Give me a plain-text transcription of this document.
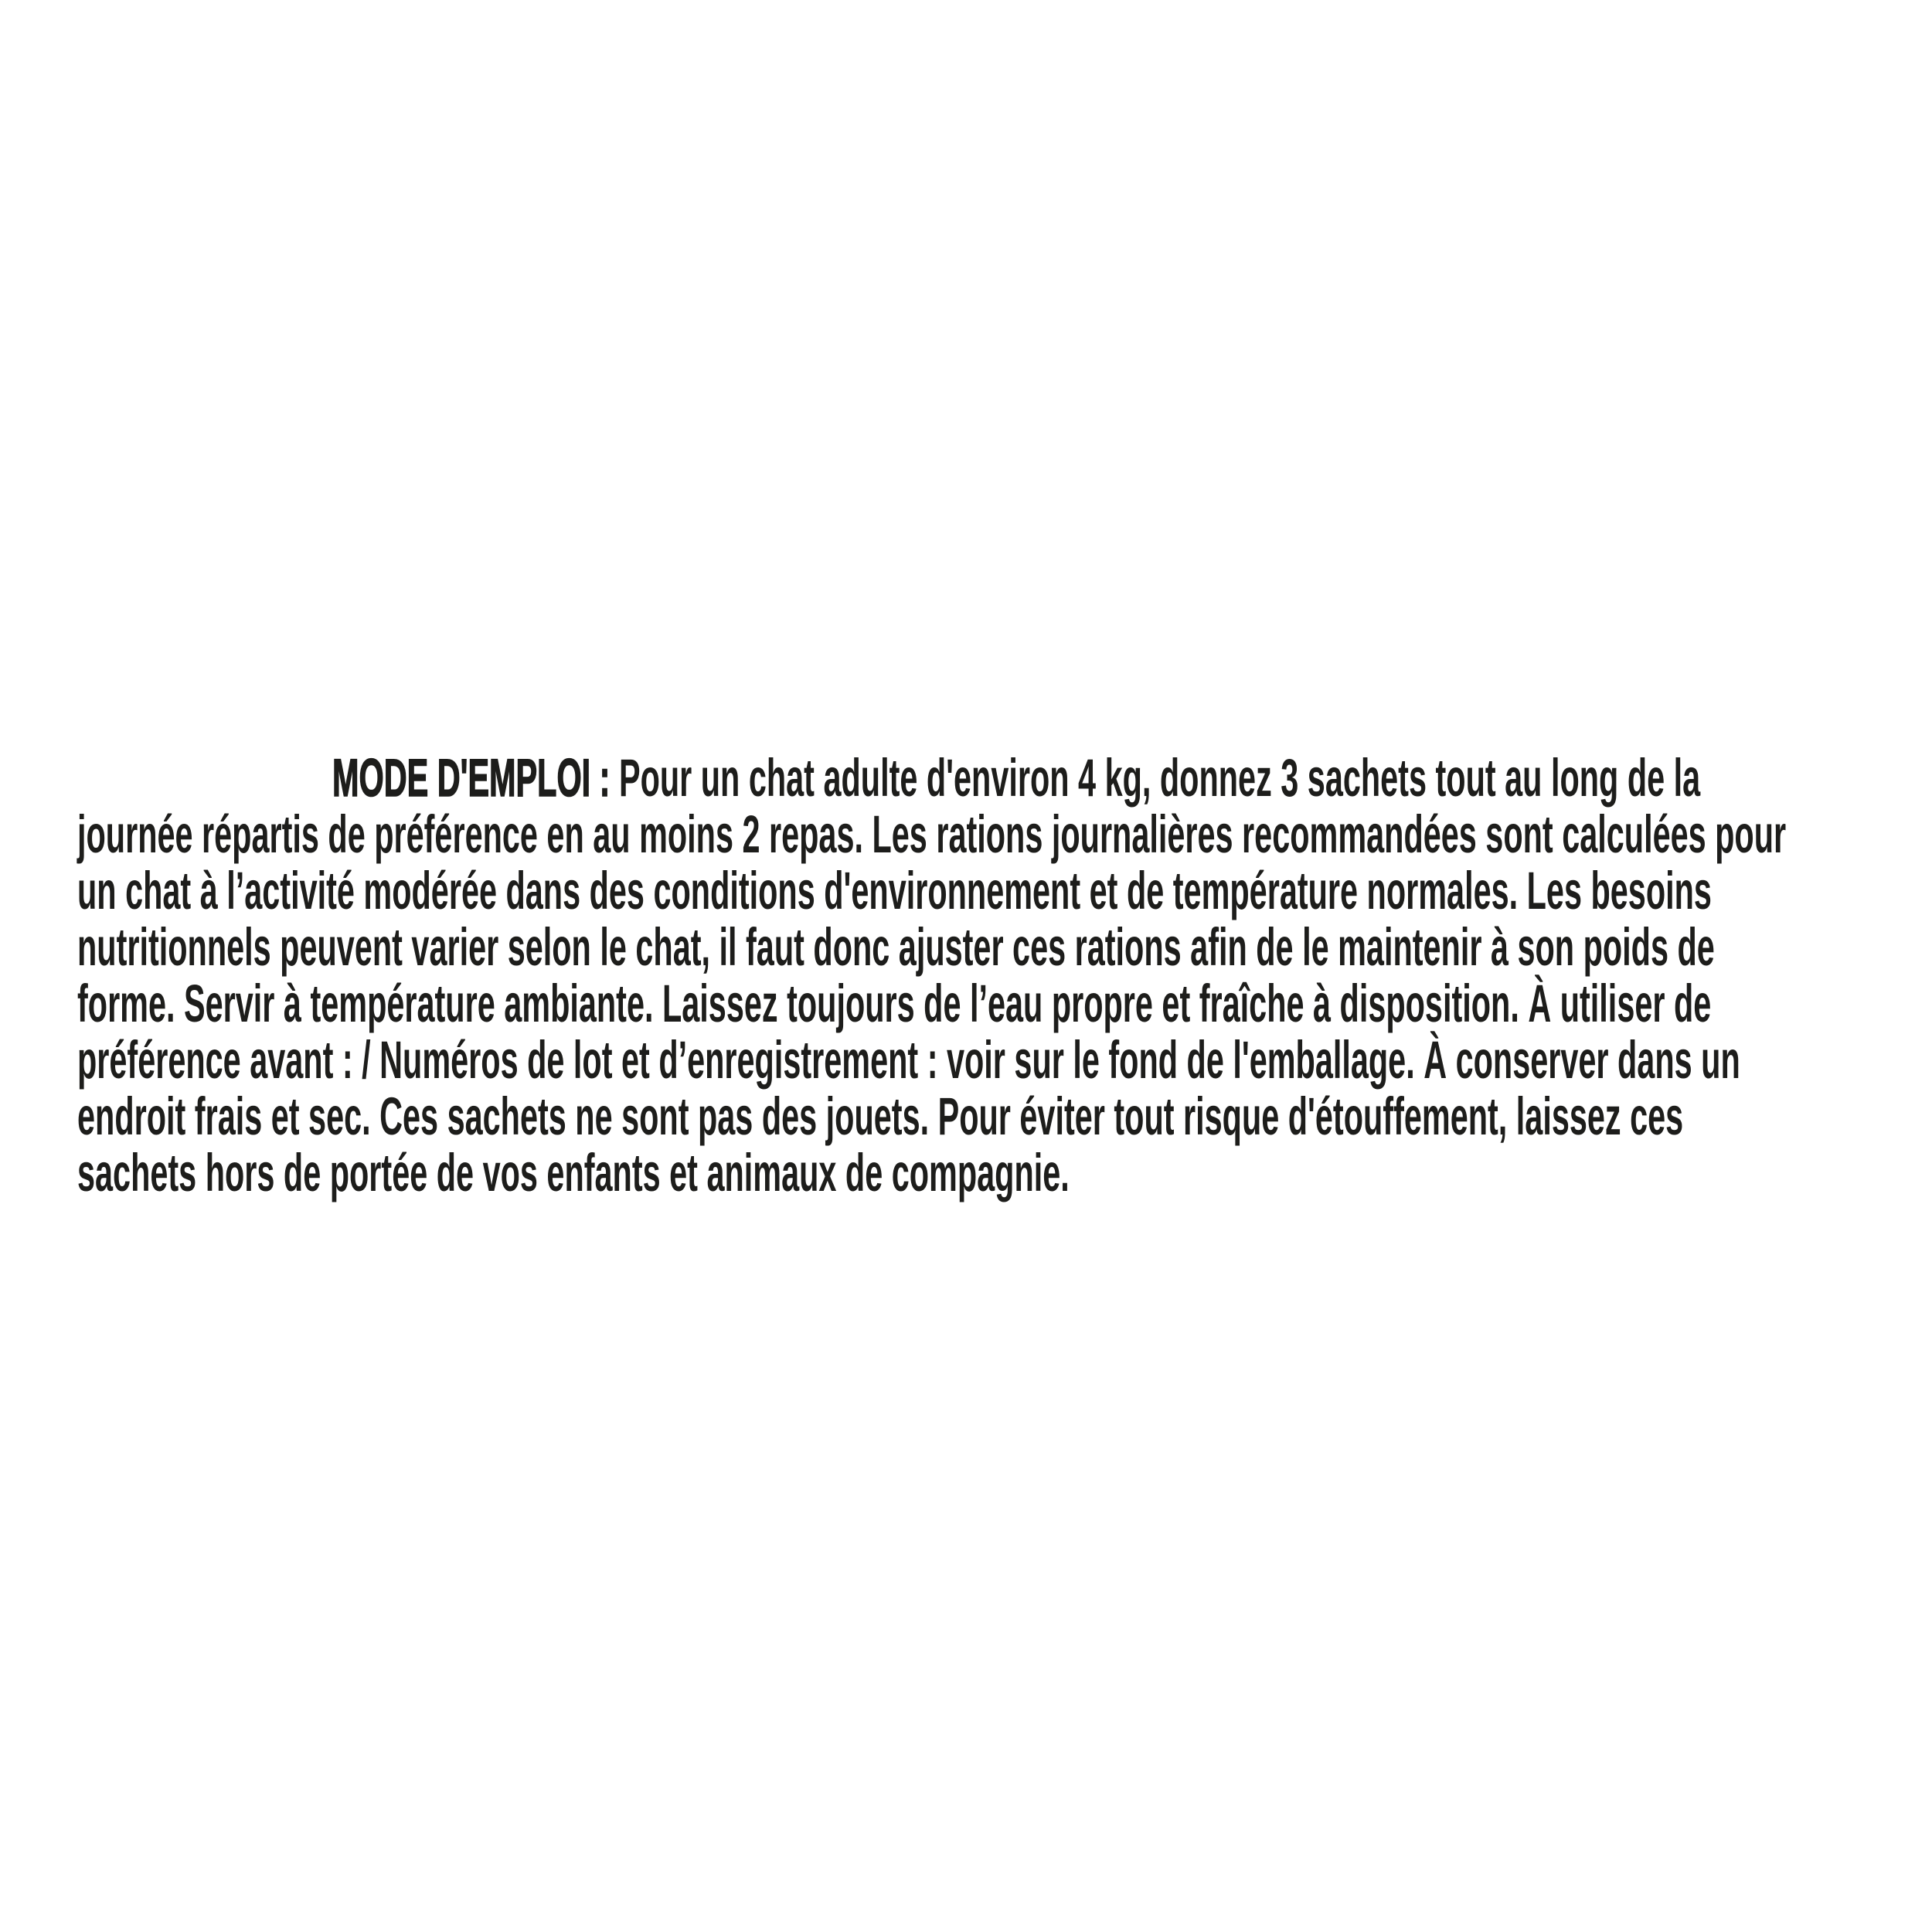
MODE D'EMPLOI : Pour un chat adulte d'environ 4 kg, donnez 3 sachets tout au long de la
journée répartis de préférence en au moins 2 repas. Les rations journalières recommandées sont calculées pour
un chat à l’activité modérée dans des conditions d'environnement et de température normales. Les besoins
nutritionnels peuvent varier selon le chat, il faut donc ajuster ces rations afin de le maintenir à son poids de
forme. Servir à température ambiante. Laissez toujours de l’eau propre et fraîche à disposition. À utiliser de
préférence avant : / Numéros de lot et d’enregistrement : voir sur le fond de l'emballage. À conserver dans un
endroit frais et sec. Ces sachets ne sont pas des jouets. Pour éviter tout risque d'étouffement, laissez ces
sachets hors de portée de vos enfants et animaux de compagnie.
